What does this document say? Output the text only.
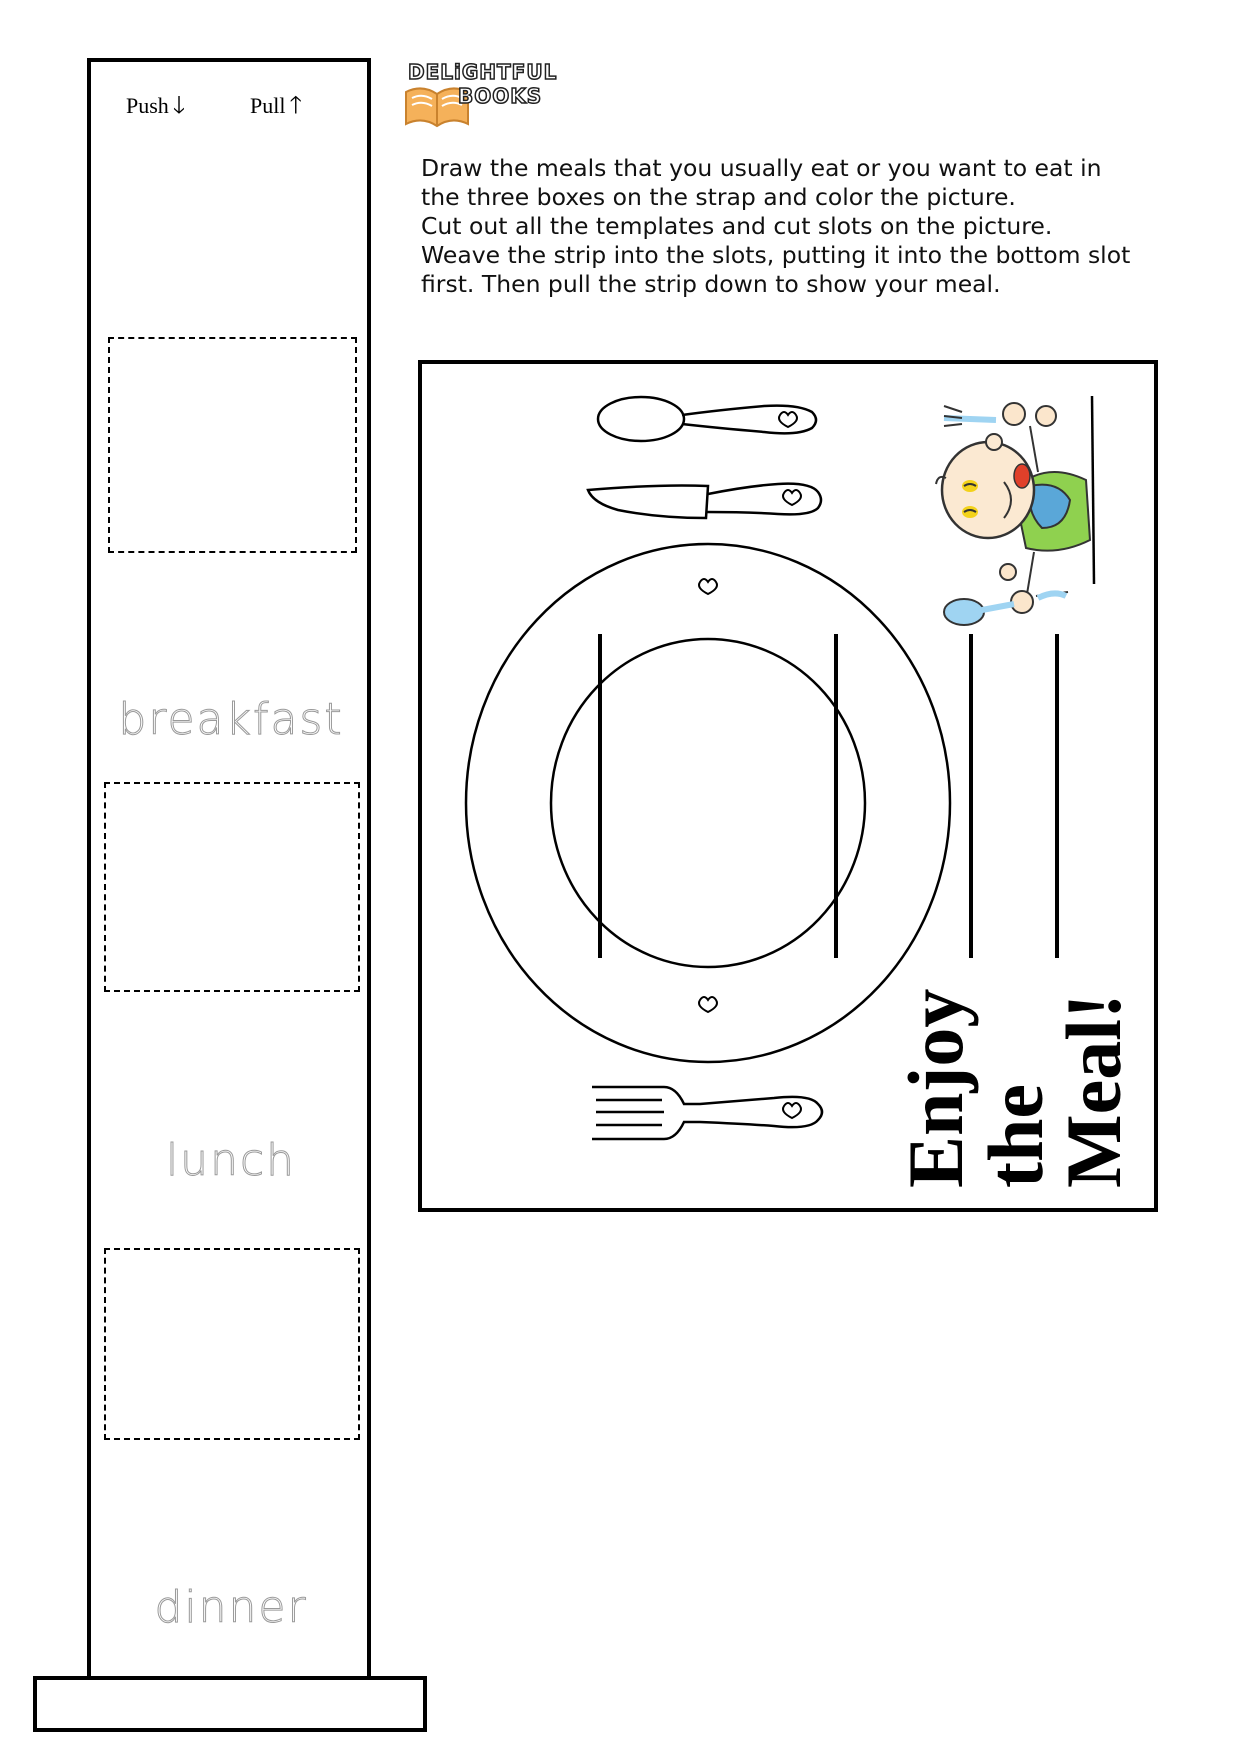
Push 🡓	Pull 🡑
breakfast
lunch
dinner
DELiGHTFUL
BOOKS

Draw the meals that you usually eat or you want to eat in

the three boxes on the strap and color the picture.

Cut out all the templates and cut slots on the picture.

Weave the strip into the slots, putting it into the bottom slot

first. Then pull the strip down to show your meal.

Enjoy
the
Meal!
